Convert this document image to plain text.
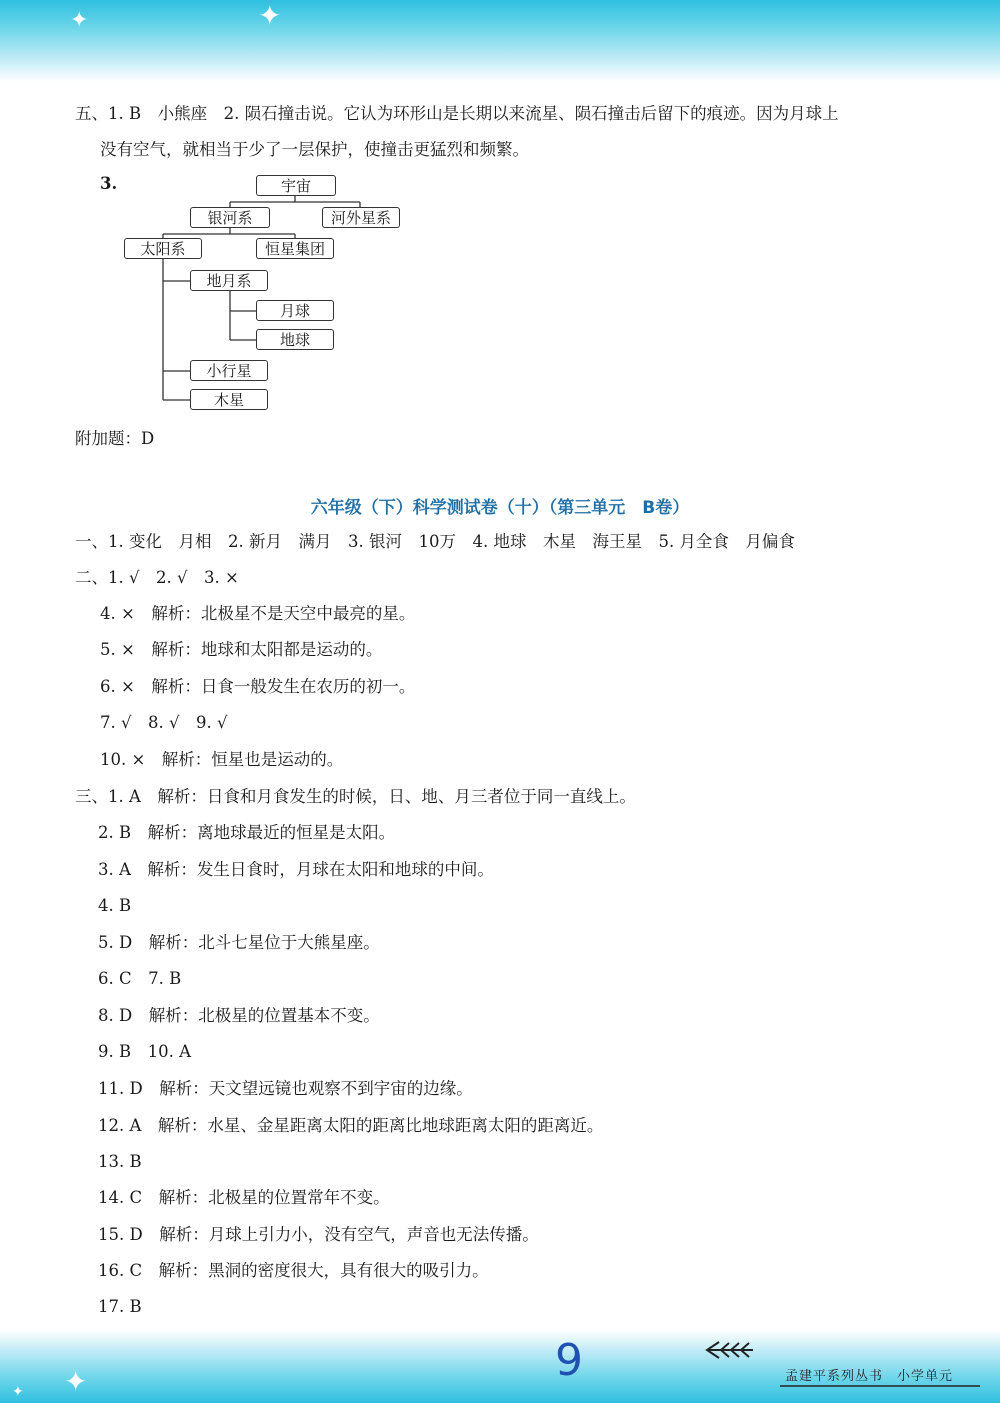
✦
✦
✦
✦
五、1. B　小熊座　2. 陨石撞击说。它认为环形山是长期以来流星、陨石撞击后留下的痕迹。因为月球上
没有空气，就相当于少了一层保护，使撞击更猛烈和频繁。
3.	宇宙
银河系	河外星系
太阳系	恒星集团
地月系
月球
地球
小行星
木星
附加题：D
六年级（下）科学测试卷（十）（第三单元　B卷）
一、1. 变化　月相　2. 新月　满月　3. 银河　10万　4. 地球　木星　海王星　5. 月全食　月偏食
二、1. √　2. √　3. ×
4. ×　解析：北极星不是天空中最亮的星。
5. ×　解析：地球和太阳都是运动的。
6. ×　解析：日食一般发生在农历的初一。
7. √　8. √　9. √
10. ×　解析：恒星也是运动的。
三、1. A　解析：日食和月食发生的时候，日、地、月三者位于同一直线上。
2. B　解析：离地球最近的恒星是太阳。
3. A　解析：发生日食时，月球在太阳和地球的中间。
4. B
5. D　解析：北斗七星位于大熊星座。
6. C　7. B
8. D　解析：北极星的位置基本不变。
9. B　10. A
11. D　解析：天文望远镜也观察不到宇宙的边缘。
12. A　解析：水星、金星距离太阳的距离比地球距离太阳的距离近。
13. B
14. C　解析：北极星的位置常年不变。
15. D　解析：月球上引力小，没有空气，声音也无法传播。
16. C　解析：黑洞的密度很大，具有很大的吸引力。
17. B
9	孟建平系列丛书　小学单元
